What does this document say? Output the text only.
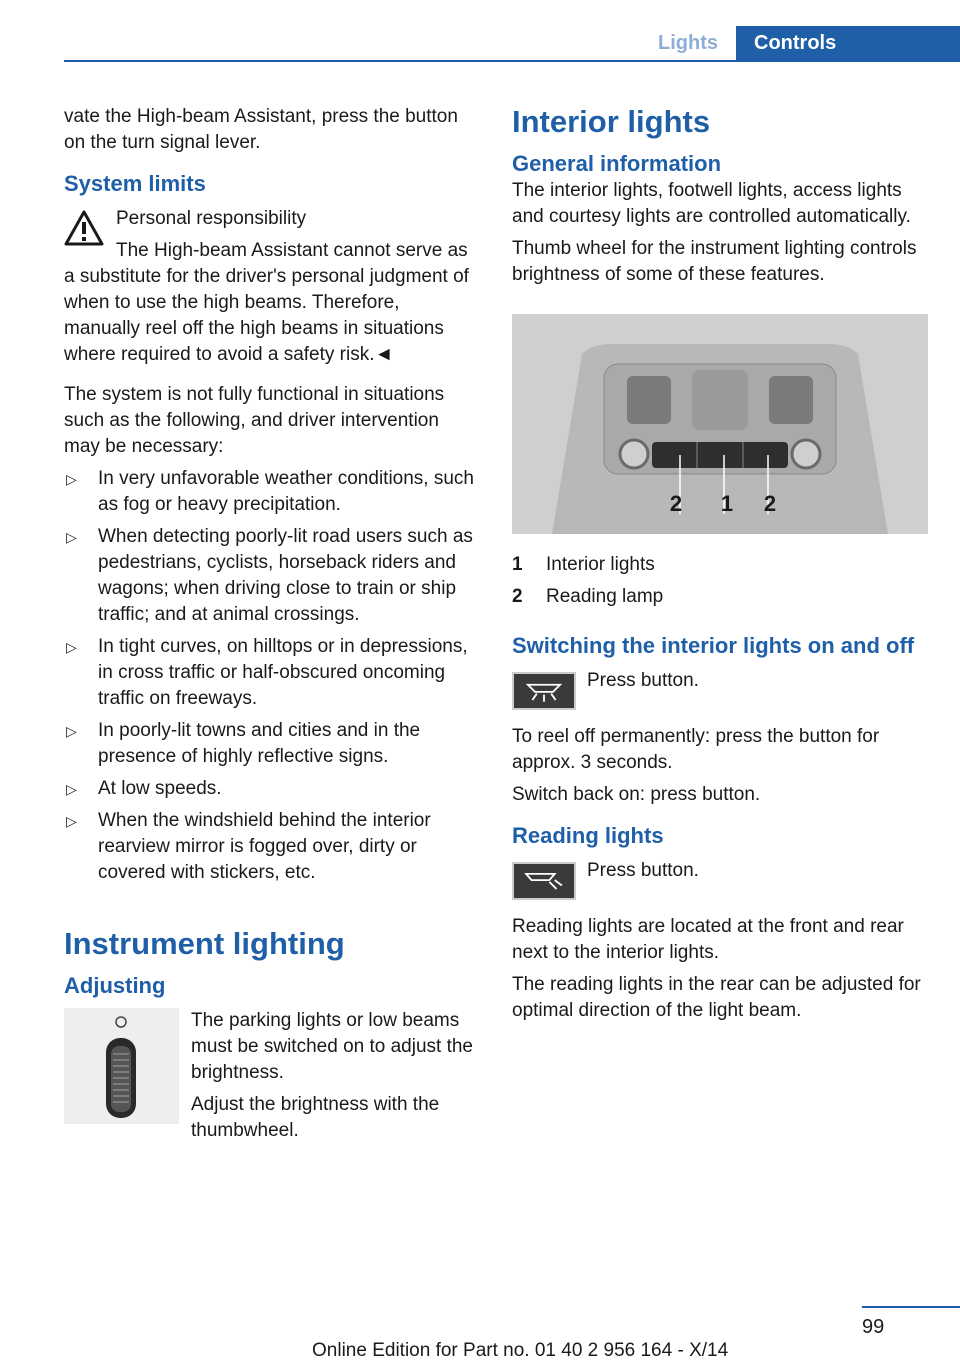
Lights	Controls

vate the High-beam Assistant, press the button on the turn signal lever.

System limits

Personal responsibility

The High-beam Assistant cannot serve as a substitute for the driver's personal judgment of when to use the high beams. Therefore, manually reel off the high beams in situations where required to avoid a safety risk.◄

The system is not fully functional in situations such as the following, and driver intervention may be necessary:

▷ In very unfavorable weather conditions, such as fog or heavy precipitation.
▷ When detecting poorly-lit road users such as pedestrians, cyclists, horseback riders and wagons; when driving close to train or ship traffic; and at animal crossings.
▷ In tight curves, on hilltops or in depressions, in cross traffic or half-obscured oncoming traffic on freeways.
▷ In poorly-lit towns and cities and in the presence of highly reflective signs.
▷ At low speeds.
▷ When the windshield behind the interior rearview mirror is fogged over, dirty or covered with stickers, etc.
Instrument lighting
Adjusting

The parking lights or low beams must be switched on to adjust the brightness.

Adjust the brightness with the thumbwheel.

Interior lights
General information

The interior lights, footwell lights, access lights and courtesy lights are controlled automatically.

Thumb wheel for the instrument lighting controls brightness of some of these features.

2 1 2
1	Interior lights
2	Reading lamp
Switching the interior lights on and off

Press button.

To reel off permanently: press the button for approx. 3 seconds.

Switch back on: press button.

Reading lights

Press button.

Reading lights are located at the front and rear next to the interior lights.

The reading lights in the rear can be adjusted for optimal direction of the light beam.

99
Online Edition for Part no. 01 40 2 956 164 - X/14
